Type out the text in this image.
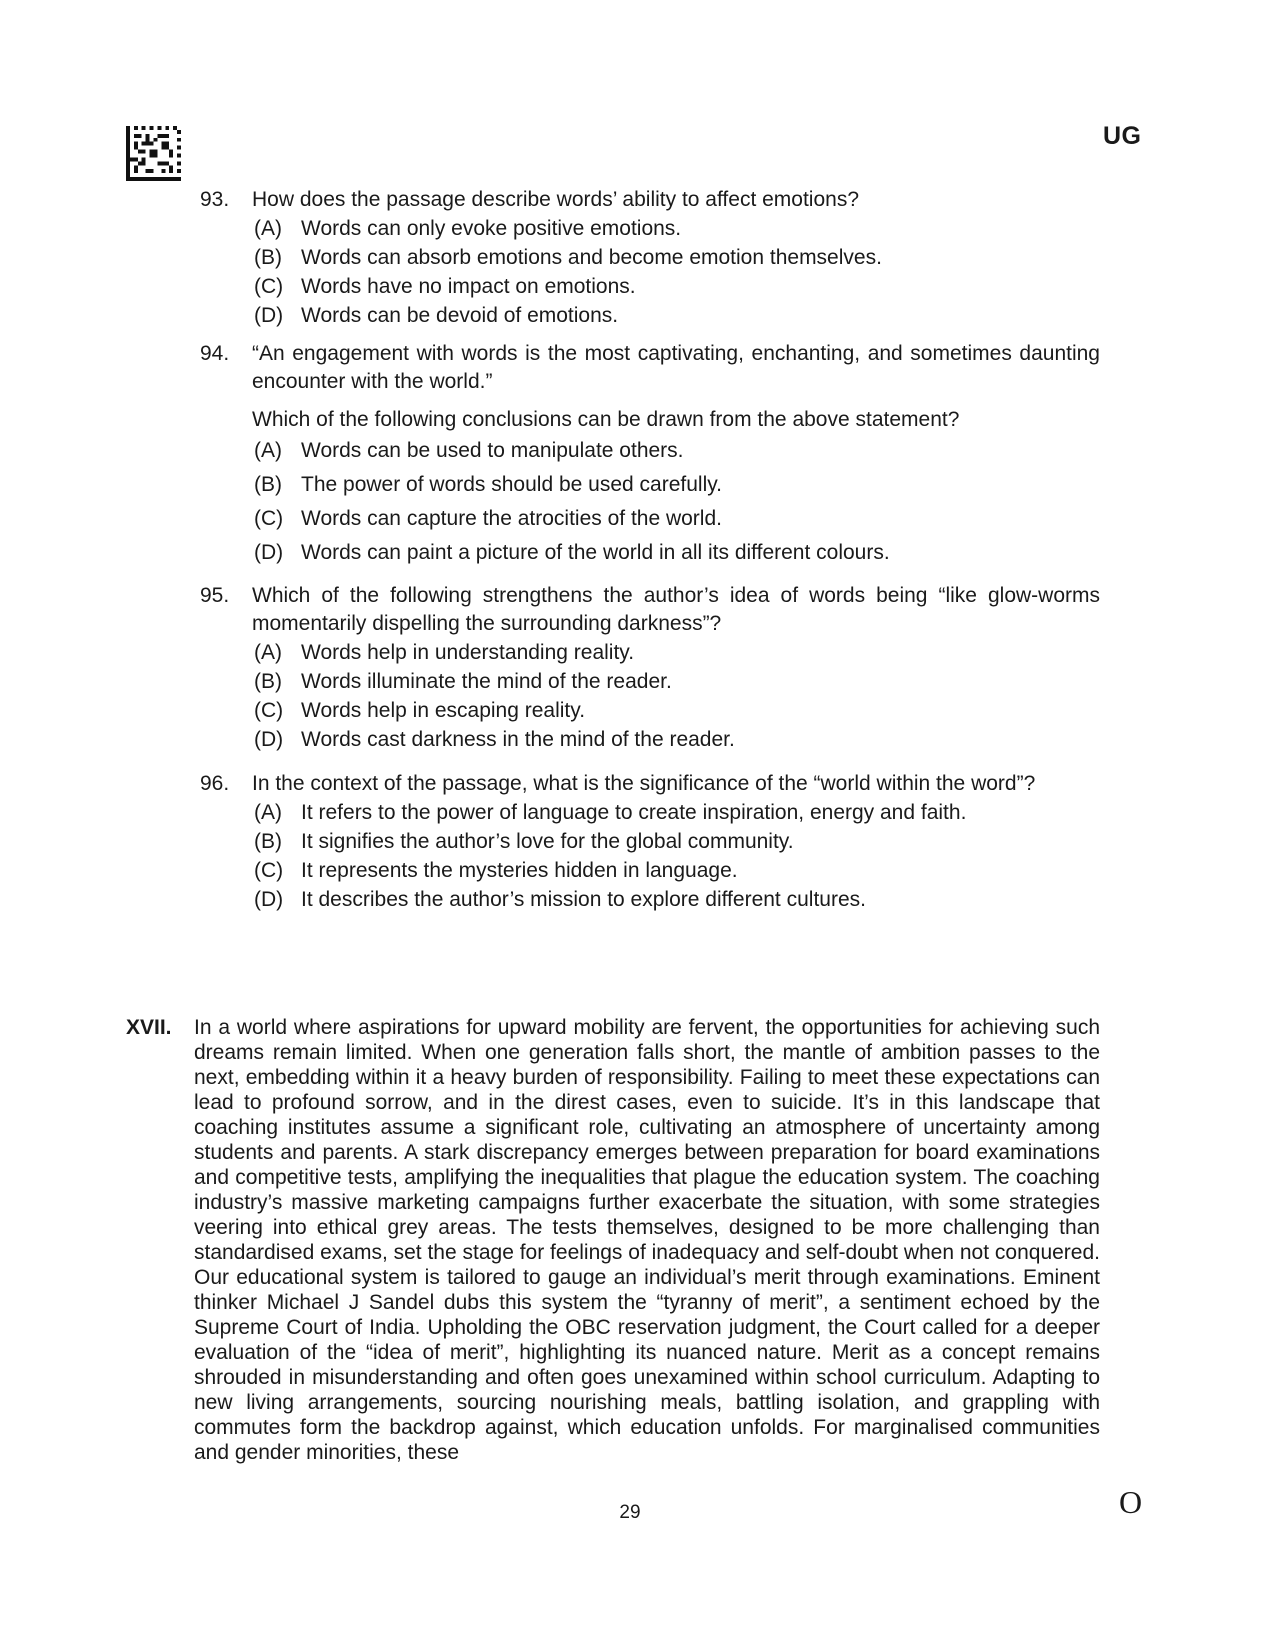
UG
93. How does the passage describe words’ ability to affect emotions?
(A) Words can only evoke positive emotions.
(B) Words can absorb emotions and become emotion themselves.
(C) Words have no impact on emotions.
(D) Words can be devoid of emotions.
94. “An engagement with words is the most captivating, enchanting, and sometimes daunting encounter with the world.”
Which of the following conclusions can be drawn from the above statement?
(A) Words can be used to manipulate others.
(B) The power of words should be used carefully.
(C) Words can capture the atrocities of the world.
(D) Words can paint a picture of the world in all its different colours.
95. Which of the following strengthens the author’s idea of words being “like glow-worms momentarily dispelling the surrounding darkness”?
(A) Words help in understanding reality.
(B) Words illuminate the mind of the reader.
(C) Words help in escaping reality.
(D) Words cast darkness in the mind of the reader.
96. In the context of the passage, what is the significance of the “world within the word”?
(A) It refers to the power of language to create inspiration, energy and faith.
(B) It signifies the author’s love for the global community.
(C) It represents the mysteries hidden in language.
(D) It describes the author’s mission to explore different cultures.
XVII. In a world where aspirations for upward mobility are fervent, the opportunities for achieving such dreams remain limited. When one generation falls short, the mantle of ambition passes to the next, embedding within it a heavy burden of responsibility. Failing to meet these expectations can lead to profound sorrow, and in the direst cases, even to suicide. It’s in this landscape that coaching institutes assume a significant role, cultivating an atmosphere of uncertainty among students and parents. A stark discrepancy emerges between preparation for board examinations and competitive tests, amplifying the inequalities that plague the education system. The coaching industry’s massive marketing campaigns further exacerbate the situation, with some strategies veering into ethical grey areas. The tests themselves, designed to be more challenging than standardised exams, set the stage for feelings of inadequacy and self-doubt when not conquered. Our educational system is tailored to gauge an individual’s merit through examinations. Eminent thinker Michael J Sandel dubs this system the “tyranny of merit”, a sentiment echoed by the Supreme Court of India. Upholding the OBC reservation judgment, the Court called for a deeper evaluation of the “idea of merit”, highlighting its nuanced nature. Merit as a concept remains shrouded in misunderstanding and often goes unexamined within school curriculum. Adapting to new living arrangements, sourcing nourishing meals, battling isolation, and grappling with commutes form the backdrop against, which education unfolds. For marginalised communities and gender minorities, these
29	O
